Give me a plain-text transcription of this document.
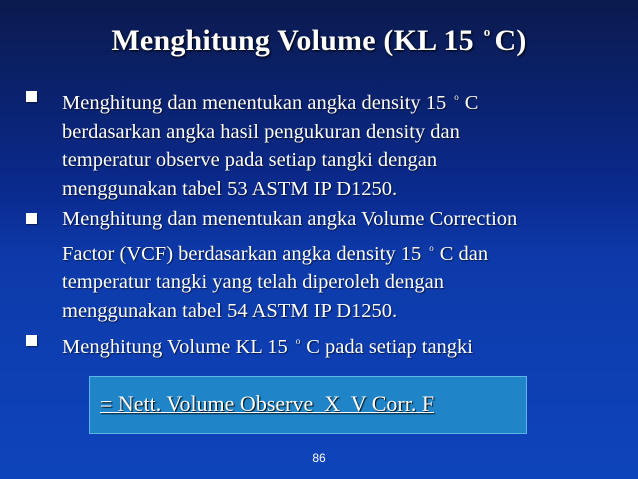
Menghitung Volume (KL 15 $^o$ C)
Menghitung dan menentukan angka density 15 $^o$ C
berdasarkan angka hasil pengukuran density dan
temperatur observe pada setiap tangki dengan
menggunakan tabel 53 ASTM IP D1250.
Menghitung dan menentukan angka Volume Correction
Factor (VCF) berdasarkan angka density 15 $^o$ C dan
temperatur tangki yang telah diperoleh dengan
menggunakan tabel 54 ASTM IP D1250.
Menghitung Volume KL 15 $^o$ C pada setiap tangki
= Nett. Volume Observe  X  V Corr. F
86
